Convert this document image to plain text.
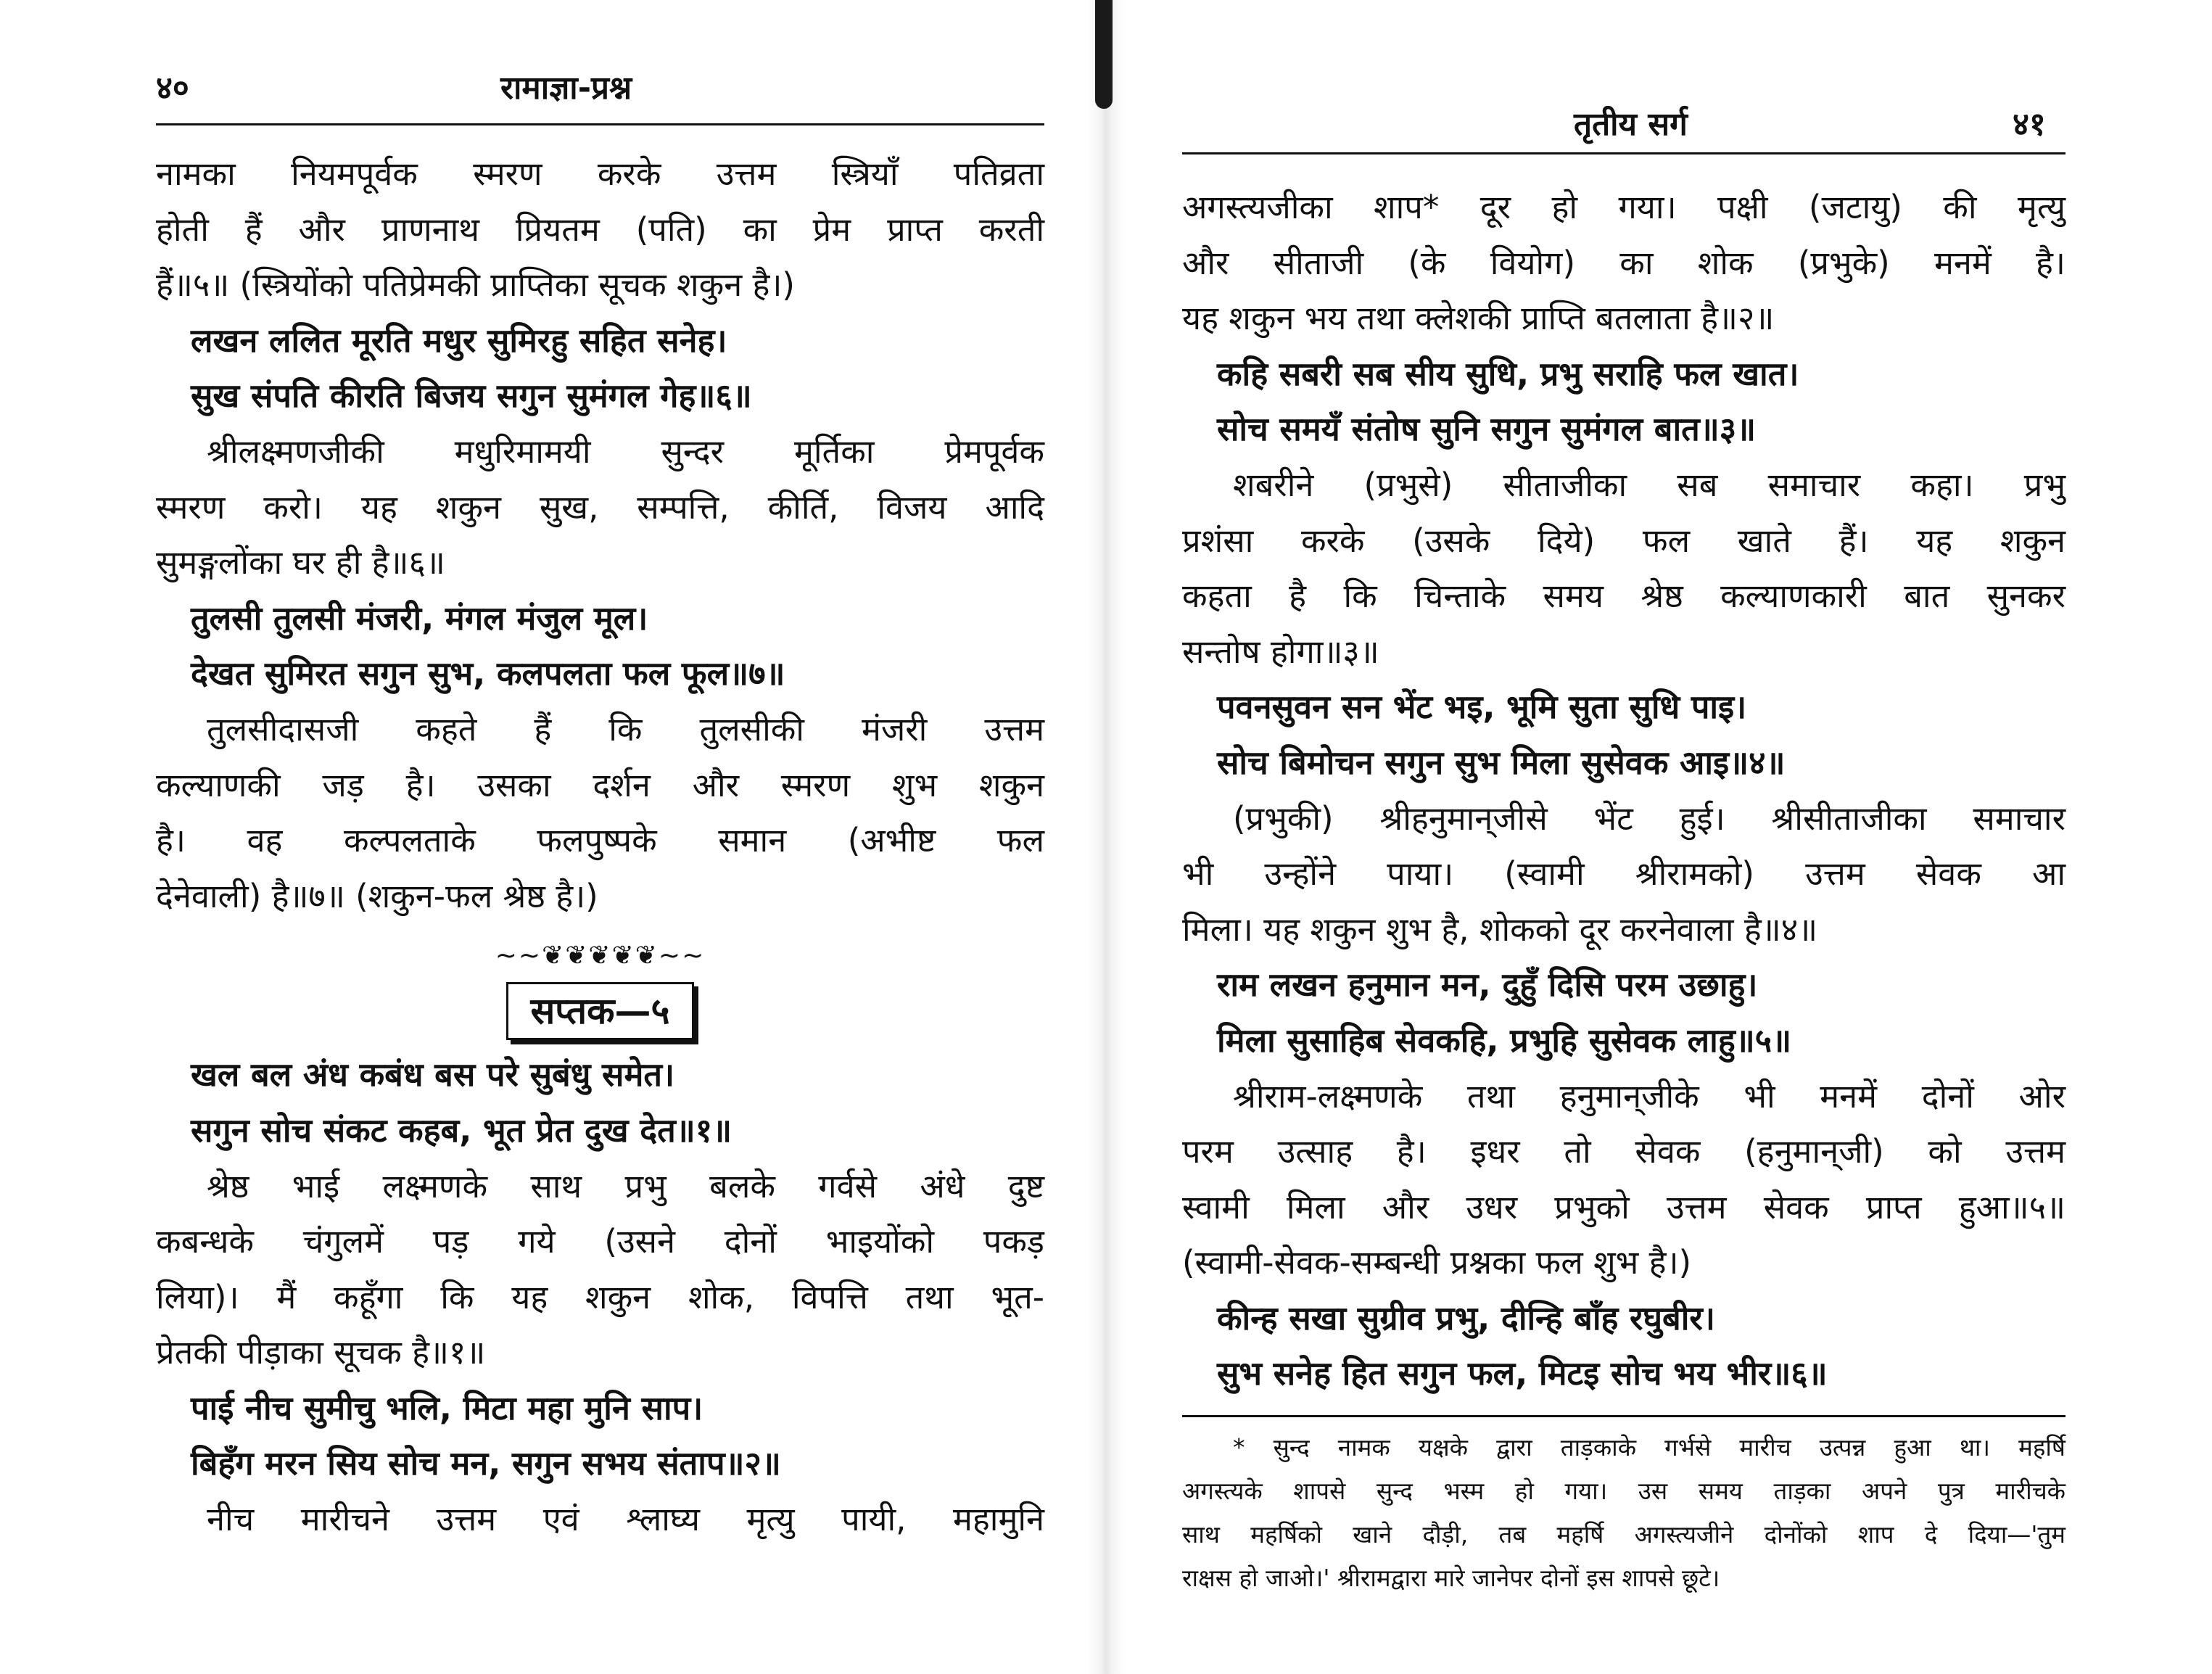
४०	रामाज्ञा-प्रश्न

नामका नियमपूर्वक स्मरण करके उत्तम स्त्रियाँ पतिव्रता

होती हैं और प्राणनाथ प्रियतम (पति) का प्रेम प्राप्त करती

हैं॥५॥ (स्त्रियोंको पतिप्रेमकी प्राप्तिका सूचक शकुन है।)

लखन ललित मूरति मधुर सुमिरहु सहित सनेह।

सुख संपति कीरति बिजय सगुन सुमंगल गेह॥६॥

श्रीलक्ष्मणजीकी मधुरिमामयी सुन्दर मूर्तिका प्रेमपूर्वक

स्मरण करो। यह शकुन सुख, सम्पत्ति, कीर्ति, विजय आदि

सुमङ्गलोंका घर ही है॥६॥

तुलसी तुलसी मंजरी, मंगल मंजुल मूल।

देखत सुमिरत सगुन सुभ, कलपलता फल फूल॥७॥

तुलसीदासजी कहते हैं कि तुलसीकी मंजरी उत्तम

कल्याणकी जड़ है। उसका दर्शन और स्मरण शुभ शकुन

है। वह कल्पलताके फलपुष्पके समान (अभीष्ट फल

देनेवाली) है॥७॥ (शकुन-फल श्रेष्ठ है।)

~~❦❦❦❦❦~~
सप्तक—५

खल बल अंध कबंध बस परे सुबंधु समेत।

सगुन सोच संकट कहब, भूत प्रेत दुख देत॥१॥

श्रेष्ठ भाई लक्ष्मणके साथ प्रभु बलके गर्वसे अंधे दुष्ट

कबन्धके चंगुलमें पड़ गये (उसने दोनों भाइयोंको पकड़

लिया)। मैं कहूँगा कि यह शकुन शोक, विपत्ति तथा भूत-

प्रेतकी पीड़ाका सूचक है॥१॥

पाई नीच सुमीचु भलि, मिटा महा मुनि साप।

बिहँग मरन सिय सोच मन, सगुन सभय संताप॥२॥

नीच मारीचने उत्तम एवं श्लाघ्य मृत्यु पायी, महामुनि

तृतीय सर्ग	४१

अगस्त्यजीका शाप* दूर हो गया। पक्षी (जटायु) की मृत्यु

और सीताजी (के वियोग) का शोक (प्रभुके) मनमें है।

यह शकुन भय तथा क्लेशकी प्राप्ति बतलाता है॥२॥

कहि सबरी सब सीय सुधि, प्रभु सराहि फल खात।

सोच समयँ संतोष सुनि सगुन सुमंगल बात॥३॥

शबरीने (प्रभुसे) सीताजीका सब समाचार कहा। प्रभु

प्रशंसा करके (उसके दिये) फल खाते हैं। यह शकुन

कहता है कि चिन्ताके समय श्रेष्ठ कल्याणकारी बात सुनकर

सन्तोष होगा॥३॥

पवनसुवन सन भेंट भइ, भूमि सुता सुधि पाइ।

सोच बिमोचन सगुन सुभ मिला सुसेवक आइ॥४॥

(प्रभुकी) श्रीहनुमान्‌जीसे भेंट हुई। श्रीसीताजीका समाचार

भी उन्होंने पाया। (स्वामी श्रीरामको) उत्तम सेवक आ

मिला। यह शकुन शुभ है, शोकको दूर करनेवाला है॥४॥

राम लखन हनुमान मन, दुहुँ दिसि परम उछाहु।

मिला सुसाहिब सेवकहि, प्रभुहि सुसेवक लाहु॥५॥

श्रीराम-लक्ष्मणके तथा हनुमान्‌जीके भी मनमें दोनों ओर

परम उत्साह है। इधर तो सेवक (हनुमान्‌जी) को उत्तम

स्वामी मिला और उधर प्रभुको उत्तम सेवक प्राप्त हुआ॥५॥

(स्वामी-सेवक-सम्बन्धी प्रश्नका फल शुभ है।)

कीन्ह सखा सुग्रीव प्रभु, दीन्हि बाँह रघुबीर।

सुभ सनेह हित सगुन फल, मिटइ सोच भय भीर॥६॥

* सुन्द नामक यक्षके द्वारा ताड़काके गर्भसे मारीच उत्पन्न हुआ था। महर्षि

अगस्त्यके शापसे सुन्द भस्म हो गया। उस समय ताड़का अपने पुत्र मारीचके

साथ महर्षिको खाने दौड़ी, तब महर्षि अगस्त्यजीने दोनोंको शाप दे दिया—'तुम

राक्षस हो जाओ।' श्रीरामद्वारा मारे जानेपर दोनों इस शापसे छूटे।
